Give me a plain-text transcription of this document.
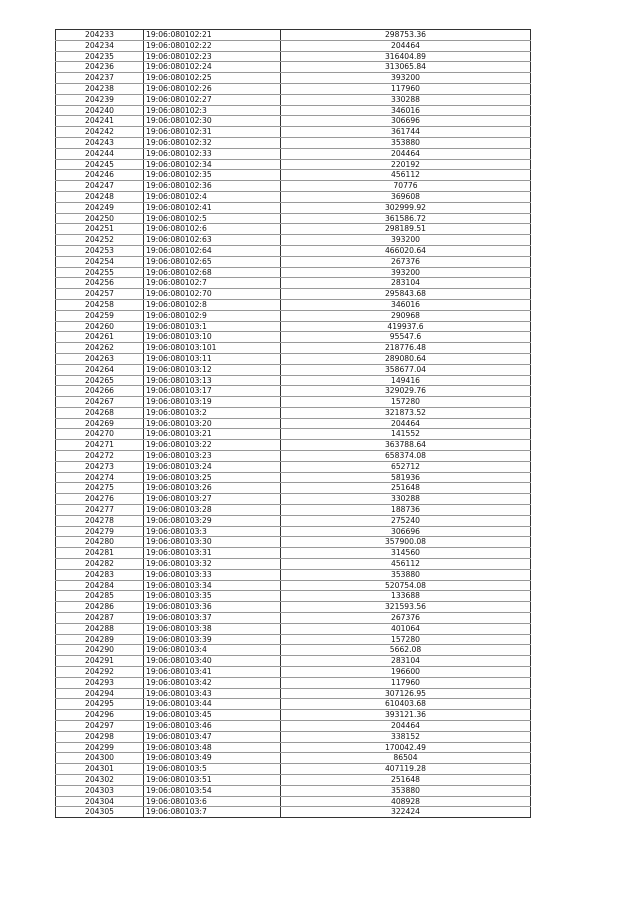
204233	19:06:080102:21	298753.36
204234	19:06:080102:22	204464
204235	19:06:080102:23	316404.89
204236	19:06:080102:24	313065.84
204237	19:06:080102:25	393200
204238	19:06:080102:26	117960
204239	19:06:080102:27	330288
204240	19:06:080102:3	346016
204241	19:06:080102:30	306696
204242	19:06:080102:31	361744
204243	19:06:080102:32	353880
204244	19:06:080102:33	204464
204245	19:06:080102:34	220192
204246	19:06:080102:35	456112
204247	19:06:080102:36	70776
204248	19:06:080102:4	369608
204249	19:06:080102:41	302999.92
204250	19:06:080102:5	361586.72
204251	19:06:080102:6	298189.51
204252	19:06:080102:63	393200
204253	19:06:080102:64	466020.64
204254	19:06:080102:65	267376
204255	19:06:080102:68	393200
204256	19:06:080102:7	283104
204257	19:06:080102:70	295843.68
204258	19:06:080102:8	346016
204259	19:06:080102:9	290968
204260	19:06:080103:1	419937.6
204261	19:06:080103:10	95547.6
204262	19:06:080103:101	218776.48
204263	19:06:080103:11	289080.64
204264	19:06:080103:12	358677.04
204265	19:06:080103:13	149416
204266	19:06:080103:17	329029.76
204267	19:06:080103:19	157280
204268	19:06:080103:2	321873.52
204269	19:06:080103:20	204464
204270	19:06:080103:21	141552
204271	19:06:080103:22	363788.64
204272	19:06:080103:23	658374.08
204273	19:06:080103:24	652712
204274	19:06:080103:25	581936
204275	19:06:080103:26	251648
204276	19:06:080103:27	330288
204277	19:06:080103:28	188736
204278	19:06:080103:29	275240
204279	19:06:080103:3	306696
204280	19:06:080103:30	357900.08
204281	19:06:080103:31	314560
204282	19:06:080103:32	456112
204283	19:06:080103:33	353880
204284	19:06:080103:34	520754.08
204285	19:06:080103:35	133688
204286	19:06:080103:36	321593.56
204287	19:06:080103:37	267376
204288	19:06:080103:38	401064
204289	19:06:080103:39	157280
204290	19:06:080103:4	5662.08
204291	19:06:080103:40	283104
204292	19:06:080103:41	196600
204293	19:06:080103:42	117960
204294	19:06:080103:43	307126.95
204295	19:06:080103:44	610403.68
204296	19:06:080103:45	393121.36
204297	19:06:080103:46	204464
204298	19:06:080103:47	338152
204299	19:06:080103:48	170042.49
204300	19:06:080103:49	86504
204301	19:06:080103:5	407119.28
204302	19:06:080103:51	251648
204303	19:06:080103:54	353880
204304	19:06:080103:6	408928
204305	19:06:080103:7	322424
